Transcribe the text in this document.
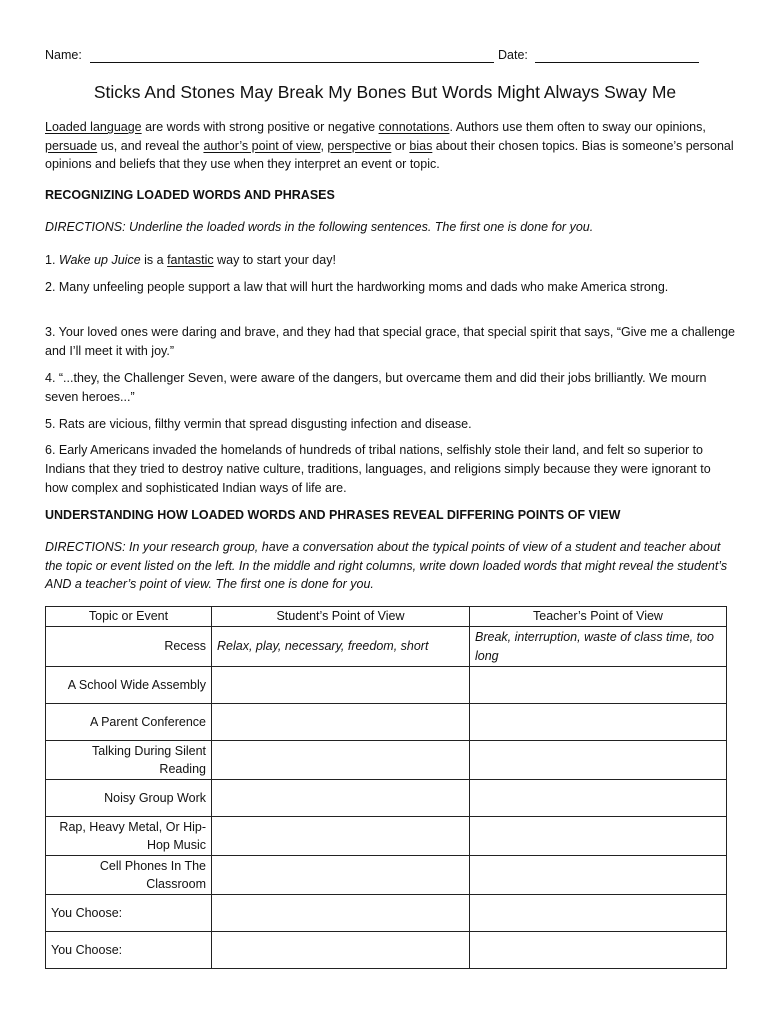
Name:	Date:
Sticks And Stones May Break My Bones But Words Might Always Sway Me
Loaded language are words with strong positive or negative connotations. Authors use them often to sway our opinions, persuade us, and reveal the author’s point of view, perspective or bias about their chosen topics. Bias is someone’s personal opinions and beliefs that they use when they interpret an event or topic.
RECOGNIZING LOADED WORDS AND PHRASES
DIRECTIONS: Underline the loaded words in the following sentences. The first one is done for you.
1. Wake up Juice is a fantastic way to start your day!
2. Many unfeeling people support a law that will hurt the hardworking moms and dads who make America strong.
3. Your loved ones were daring and brave, and they had that special grace, that special spirit that says, “Give me a challenge and I’ll meet it with joy.”
4. “...they, the Challenger Seven, were aware of the dangers, but overcame them and did their jobs brilliantly. We mourn seven heroes...”
5. Rats are vicious, filthy vermin that spread disgusting infection and disease.
6. Early Americans invaded the homelands of hundreds of tribal nations, selfishly stole their land, and felt so superior to Indians that they tried to destroy native culture, traditions, languages, and religions simply because they were ignorant to how complex and sophisticated Indian ways of life are.
UNDERSTANDING HOW LOADED WORDS AND PHRASES REVEAL DIFFERING POINTS OF VIEW
DIRECTIONS: In your research group, have a conversation about the typical points of view of a student and teacher about the topic or event listed on the left. In the middle and right columns, write down loaded words that might reveal the student’s AND a teacher’s point of view. The first one is done for you.
Topic or Event	Student’s Point of View	Teacher’s Point of View
Recess	Relax, play, necessary, freedom, short	Break, interruption, waste of class time, too long
A School Wide Assembly		
A Parent Conference		
Talking During Silent Reading		
Noisy Group Work		
Rap, Heavy Metal, Or Hip-Hop Music		
Cell Phones In The Classroom		
You Choose:		
You Choose:		
